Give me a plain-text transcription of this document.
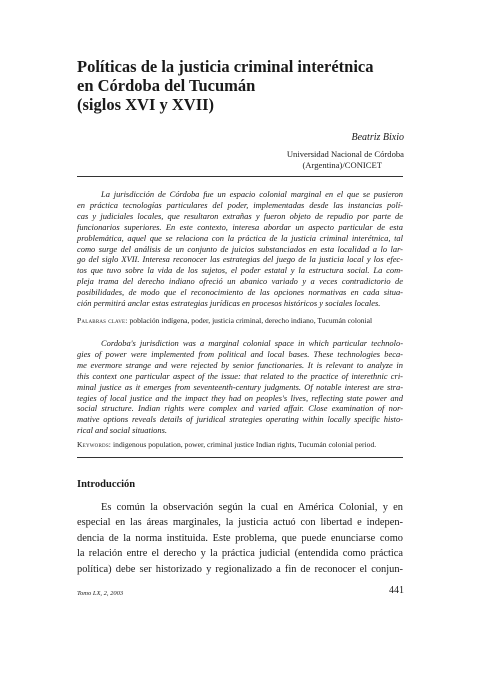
Políticas de la justicia criminal interétnica
en Córdoba del Tucumán
(siglos XVI y XVII)
Beatriz Bixio
Universidad Nacional de Córdoba
(Argentina)/CONICET
La jurisdicción de Córdoba fue un espacio colonial marginal en el que se pusieron
en práctica tecnologías particulares del poder, implementadas desde las instancias polí-
cas y judiciales locales, que resultaron extrañas y fueron objeto de repudio por parte de
funcionarios superiores. En este contexto, interesa abordar un aspecto particular de esta
problemática, aquel que se relaciona con la práctica de la justicia criminal interétnica, tal
como surge del análisis de un conjunto de juicios substanciados en esta localidad a lo lar-
go del siglo XVII. Interesa reconocer las estrategias del juego de la justicia local y los efec-
tos que tuvo sobre la vida de los sujetos, el poder estatal y la estructura social. La com-
pleja trama del derecho indiano ofreció un abanico variado y a veces contradictorio de
posibilidades, de modo que el reconocimiento de las opciones normativas en cada situa-
ción permitirá anclar estas estrategias jurídicas en procesos históricos y sociales locales.
Palabras clave: población indígena, poder, justicia criminal, derecho indiano, Tucumán colonial
Cordoba's jurisdiction was a marginal colonial space in which particular technolo-
gies of power were implemented from political and local bases. These technologies beca-
me evermore strange and were rejected by senior functionaries. It is relevant to analyze in
this context one particular aspect of the issue: that related to the practice of interethnic cri-
minal justice as it emerges from seventeenth-century judgments. Of notable interest are stra-
tegies of local justice and the impact they had on peoples's lives, reflecting state power and
social structure. Indian rights were complex and varied affair. Close examination of nor-
mative options reveals details of juridical strategies operating within locally specific histo-
rical and social situations.
Keywords: indigenous population, power, criminal justice Indian rights, Tucumán colonial period.
Introducción
Es común la observación según la cual en América Colonial, y en
especial en las áreas marginales, la justicia actuó con libertad e indepen-
dencia de la norma instituida. Este problema, que puede enunciarse como
la relación entre el derecho y la práctica judicial (entendida como práctica
política) debe ser historizado y regionalizado a fin de reconocer el conjun-
Tomo LX, 2, 2003	441
